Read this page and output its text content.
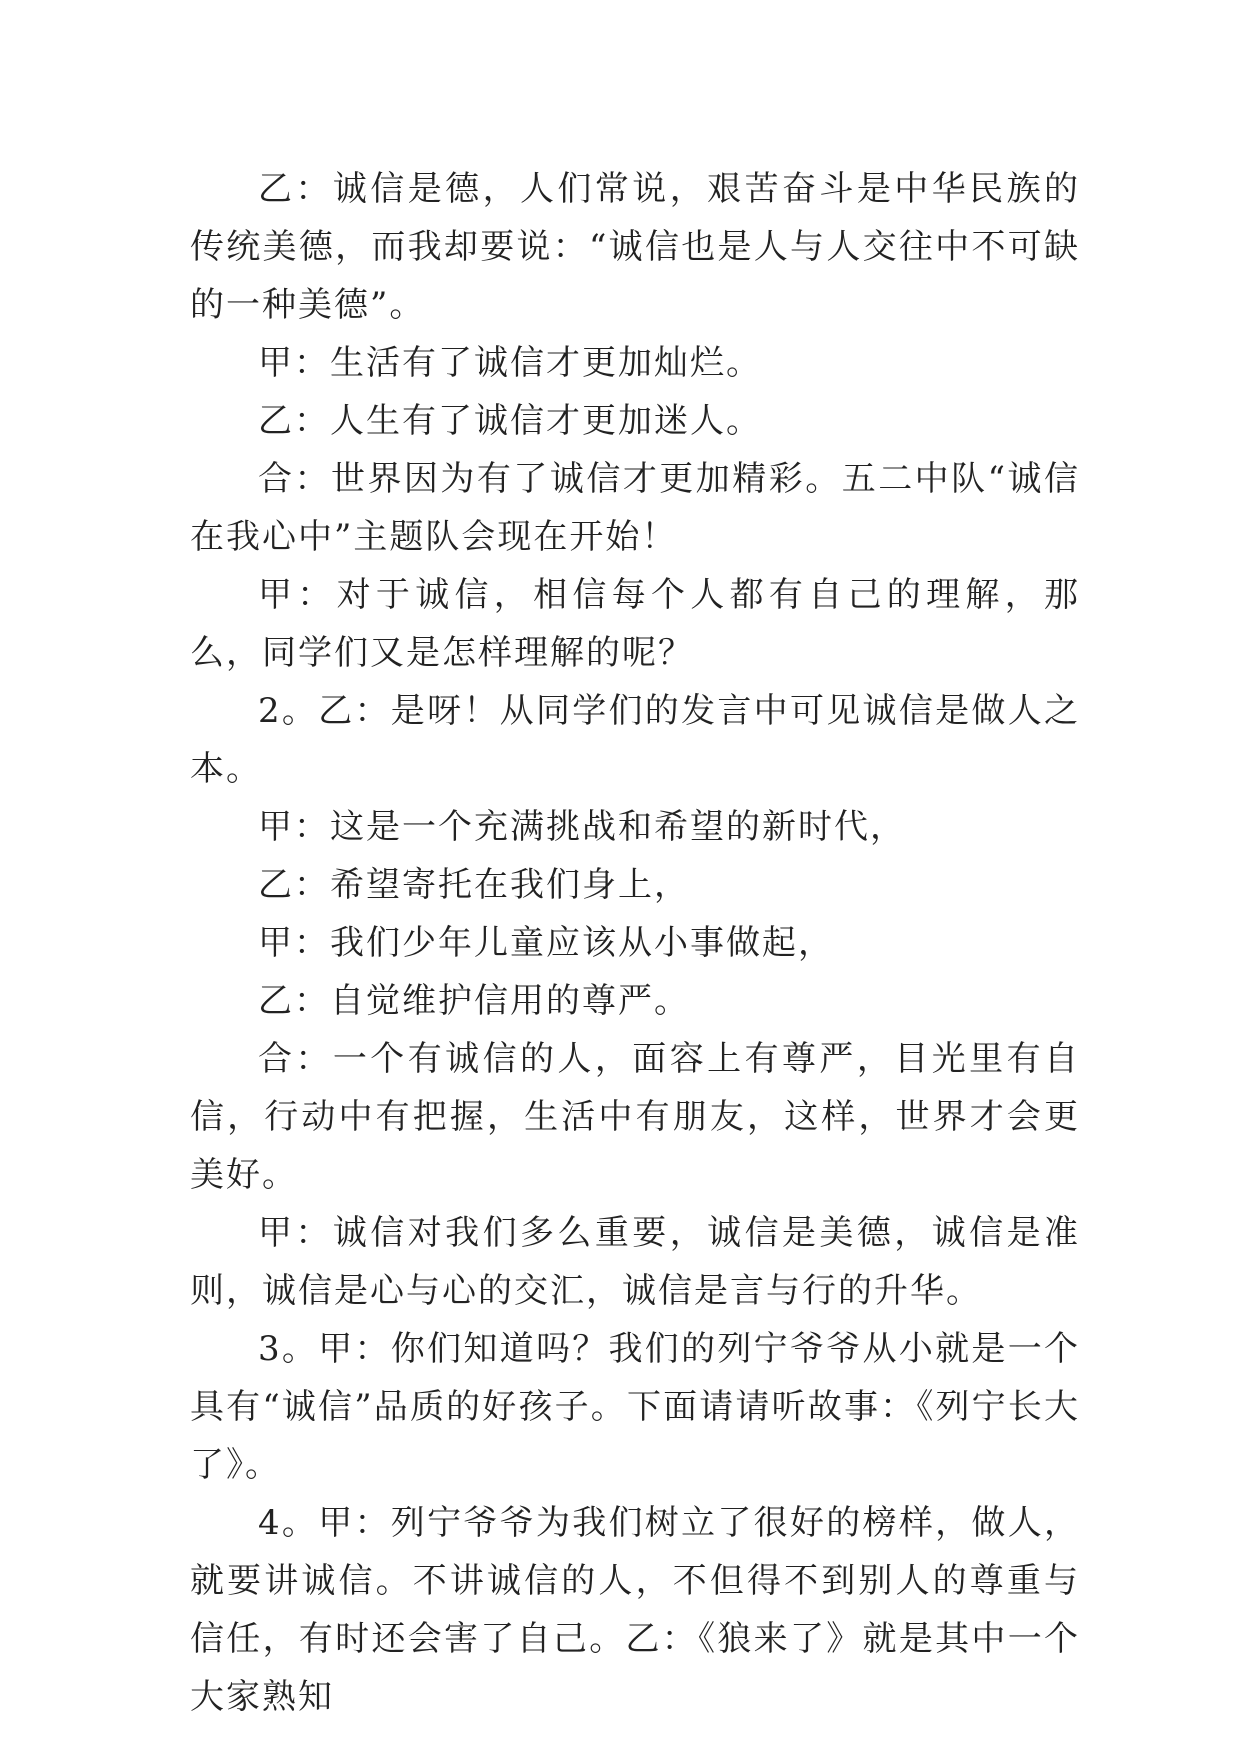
乙：诚信是德，人们常说，艰苦奋斗是中华民族的传统美德，而我却要说：“诚信也是人与人交往中不可缺的一种美德”。

甲：生活有了诚信才更加灿烂。

乙：人生有了诚信才更加迷人。

合：世界因为有了诚信才更加精彩。五二中队“诚信在我心中”主题队会现在开始！

甲：对于诚信，相信每个人都有自己的理解，那么，同学们又是怎样理解的呢？

2。乙：是呀！从同学们的发言中可见诚信是做人之本。

甲：这是一个充满挑战和希望的新时代，

乙：希望寄托在我们身上，

甲：我们少年儿童应该从小事做起，

乙：自觉维护信用的尊严。

合：一个有诚信的人，面容上有尊严，目光里有自信，行动中有把握，生活中有朋友，这样，世界才会更美好。

甲：诚信对我们多么重要，诚信是美德，诚信是准则，诚信是心与心的交汇，诚信是言与行的升华。

3。甲：你们知道吗？我们的列宁爷爷从小就是一个具有“诚信”品质的好孩子。下面请请听故事：《列宁长大了》。

4。甲：列宁爷爷为我们树立了很好的榜样，做人，就要讲诚信。不讲诚信的人，不但得不到别人的尊重与信任，有时还会害了自己。乙：《狼来了》就是其中一个大家熟知
